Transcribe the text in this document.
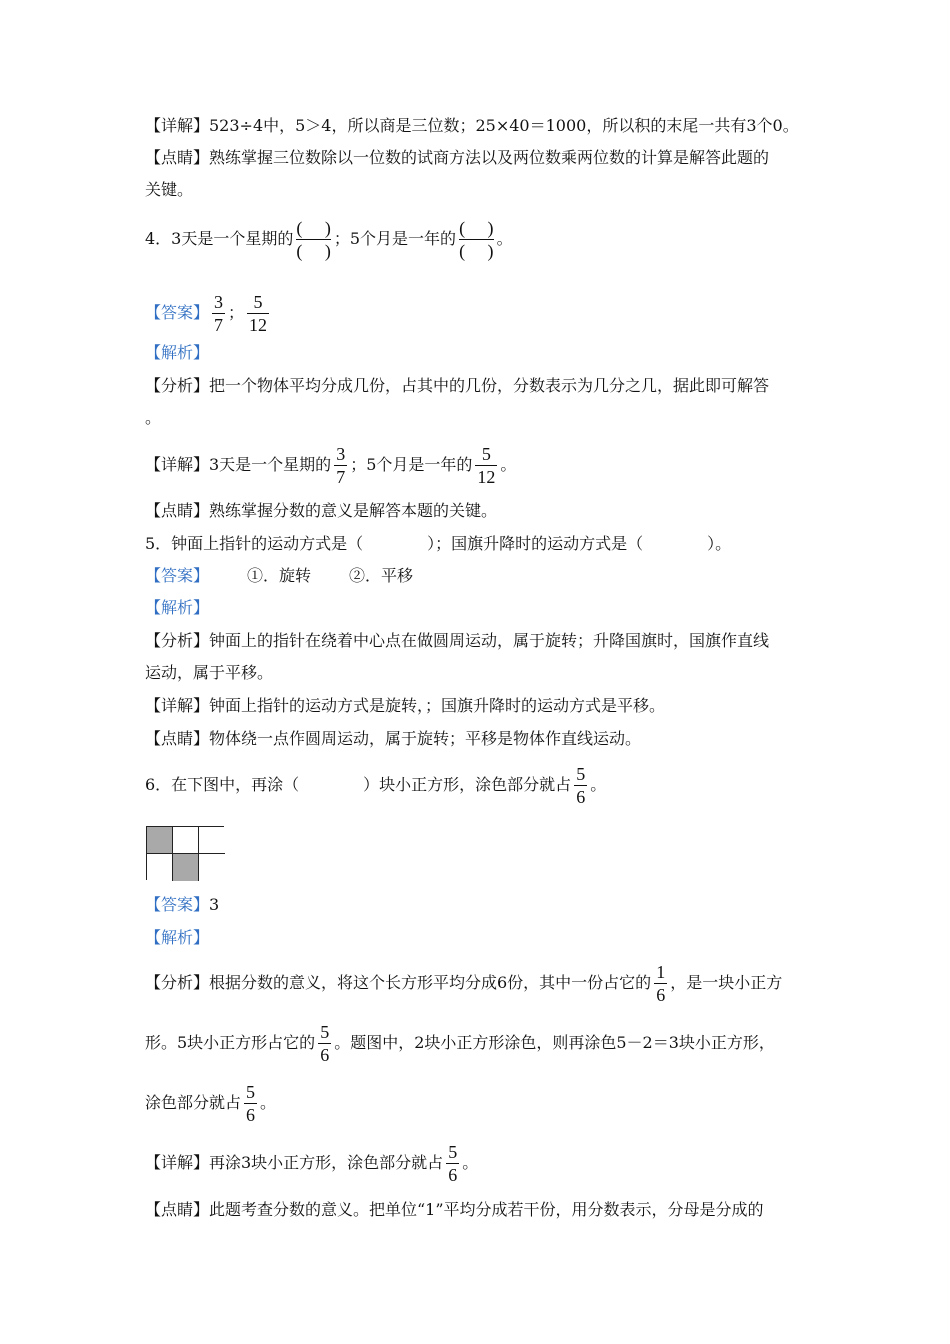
【详解】523÷4中，5＞4，所以商是三位数；25×40＝1000，所以积的末尾一共有3个0。
【点睛】熟练掌握三位数除以一位数的试商方法以及两位数乘两位数的计算是解答此题的
关键。
4．3天是一个星期的 $\frac{( )}{( )}$ ；5个月是一年的 $\frac{( )}{( )}$ 。
【答案】 $\frac{3}{7}$ ； $\frac{5}{12}$
【解析】
【分析】把一个物体平均分成几份，占其中的几份，分数表示为几分之几，据此即可解答
。
【详解】3天是一个星期的 $\frac{3}{7}$ ；5个月是一年的 $\frac{5}{12}$ 。
【点睛】熟练掌握分数的意义是解答本题的关键。
5．钟面上指针的运动方式是（　　　　）；国旗升降时的运动方式是（　　　　）。
【答案】 ①．旋转 ②．平移
【解析】
【分析】钟面上的指针在绕着中心点在做圆周运动，属于旋转；升降国旗时，国旗作直线
运动，属于平移。
【详解】钟面上指针的运动方式是旋转，；国旗升降时的运动方式是平移。
【点睛】物体绕一点作圆周运动，属于旋转；平移是物体作直线运动。
6．在下图中，再涂（　　　　）块小正方形，涂色部分就占 $\frac{5}{6}$ 。
【答案】3
【解析】
【分析】根据分数的意义，将这个长方形平均分成6份，其中一份占它的 $\frac{1}{6}$ ，是一块小正方
形。5块小正方形占它的 $\frac{5}{6}$ 。题图中，2块小正方形涂色，则再涂色5－2＝3块小正方形，
涂色部分就占 $\frac{5}{6}$ 。
【详解】再涂3块小正方形，涂色部分就占 $\frac{5}{6}$ 。
【点睛】此题考查分数的意义。把单位“1”平均分成若干份，用分数表示，分母是分成的
